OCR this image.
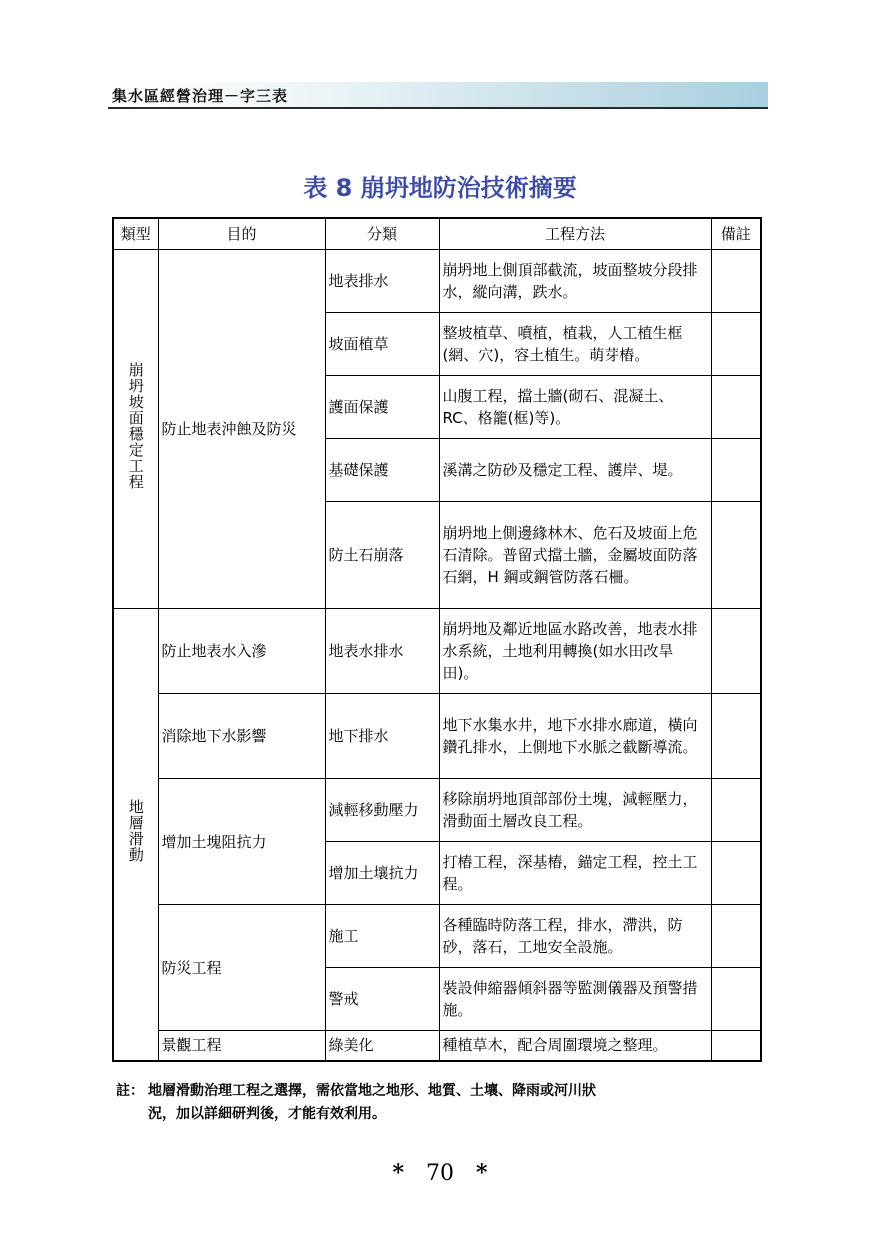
集水區經營治理－字三表
表 8 崩坍地防治技術摘要
類型	目的	分類	工程方法	備註
崩坍坡面穩定工程	防止地表沖蝕及防災	地表排水	崩坍地上側頂部截流，坡面整坡分段排水，縱向溝，跌水。	
		坡面植草	整坡植草、噴植，植栽，人工植生框(網、穴)，容土植生。萌芽樁。	
		護面保護	山腹工程，擋土牆(砌石、混凝土、RC、格籠(框)等)。	
		基礎保護	溪溝之防砂及穩定工程、護岸、堤。	
		防土石崩落	崩坍地上側邊緣林木、危石及坡面上危石清除。普留式擋土牆，金屬坡面防落石網，H 鋼或鋼管防落石柵。	
地層滑動	防止地表水入滲	地表水排水	崩坍地及鄰近地區水路改善，地表水排水系統，土地利用轉換(如水田改旱田)。	
	消除地下水影響	地下排水	地下水集水井，地下水排水廊道，橫向鑽孔排水，上側地下水脈之截斷導流。	
	增加土塊阻抗力	減輕移動壓力	移除崩坍地頂部部份土塊，減輕壓力，滑動面土層改良工程。	
		增加土壤抗力	打樁工程，深基樁，錨定工程，控土工程。	
	防災工程	施工	各種臨時防落工程，排水，滯洪，防砂，落石，工地安全設施。	
		警戒	裝設伸縮器傾斜器等監測儀器及預警措施。	
	景觀工程	綠美化	種植草木，配合周圍環境之整理。	
註： 地層滑動治理工程之選擇，需依當地之地形、地質、土壤、降雨或河川狀
況，加以詳細研判後，才能有效利用。
* 70 *
